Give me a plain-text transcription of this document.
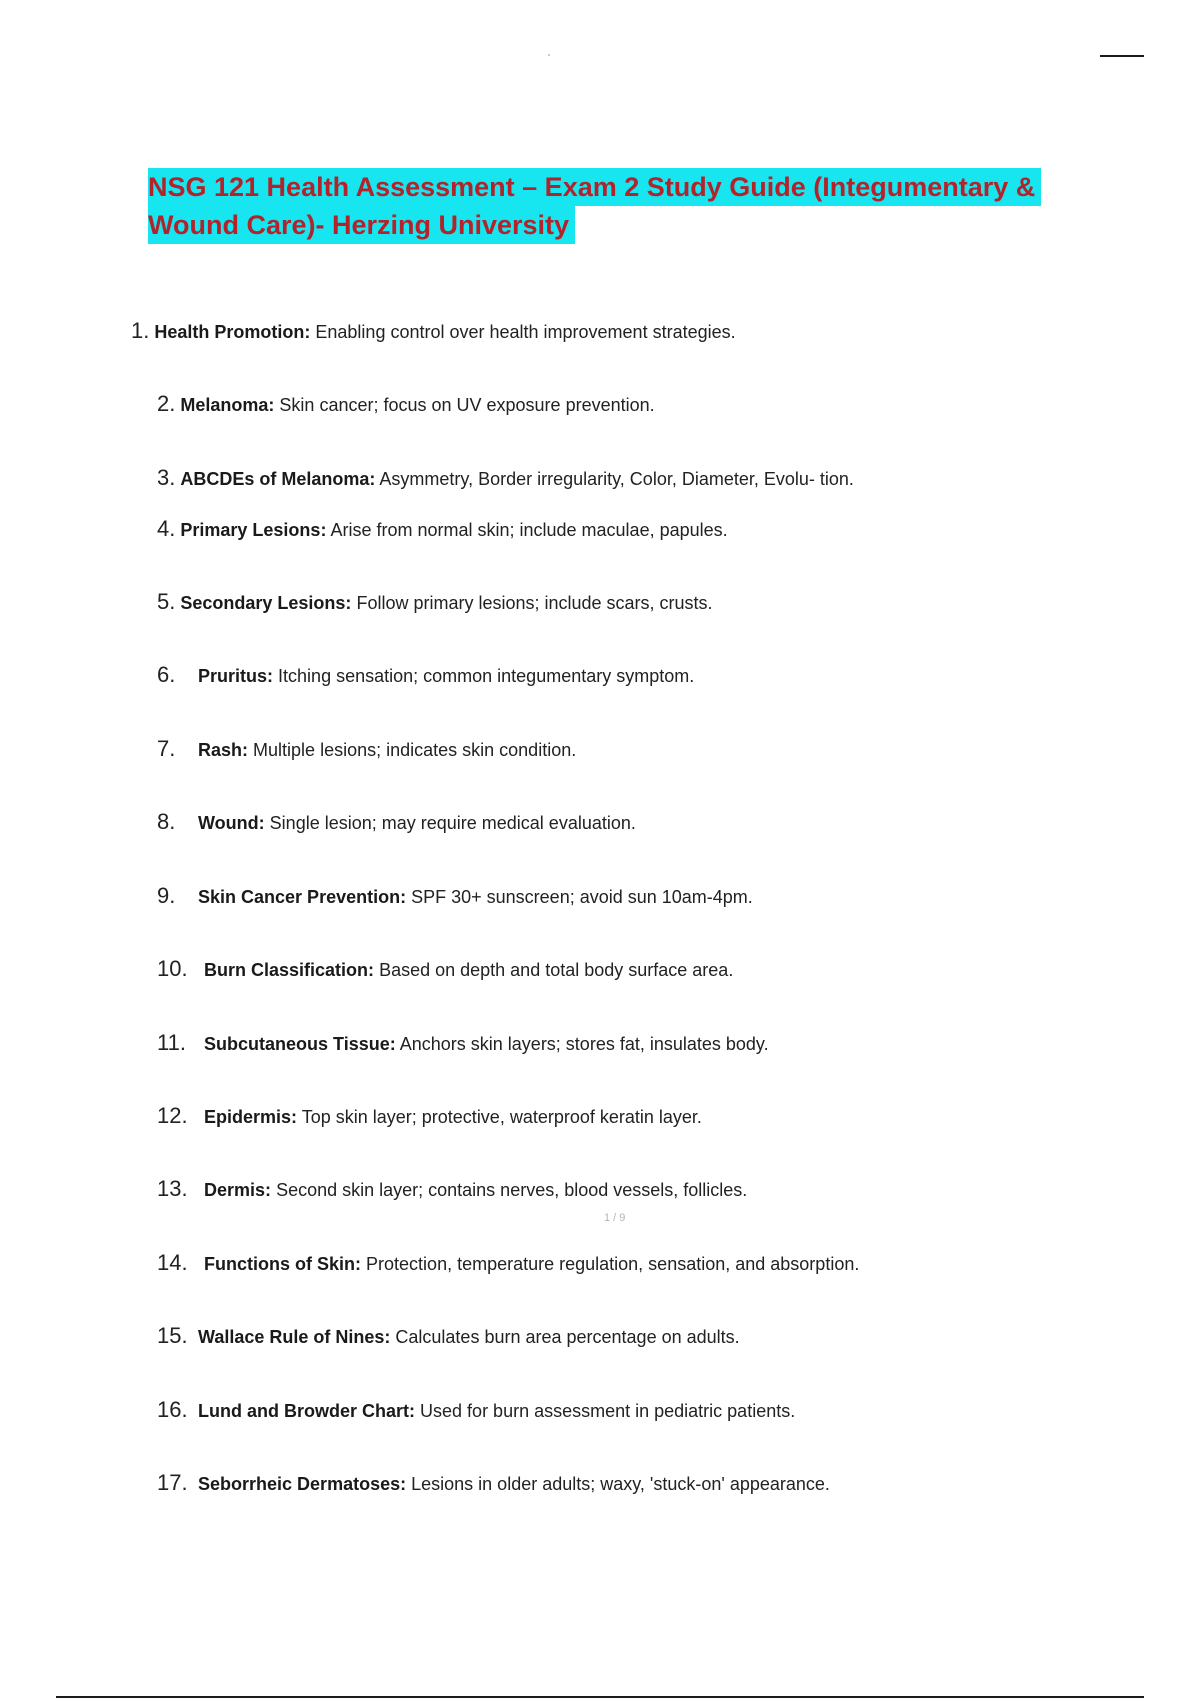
NSG 121 Health Assessment – Exam 2 Study Guide (Integumentary &
Wound Care)- Herzing University
1. Health Promotion: Enabling control over health improvement strategies.
2. Melanoma: Skin cancer; focus on UV exposure prevention.
3. ABCDEs of Melanoma: Asymmetry, Border irregularity, Color, Diameter, Evolu- tion.
4. Primary Lesions: Arise from normal skin; include maculae, papules.
5. Secondary Lesions: Follow primary lesions; include scars, crusts.
6. Pruritus: Itching sensation; common integumentary symptom.
7. Rash: Multiple lesions; indicates skin condition.
8. Wound: Single lesion; may require medical evaluation.
9. Skin Cancer Prevention: SPF 30+ sunscreen; avoid sun 10am-4pm.
10. Burn Classification: Based on depth and total body surface area.
11. Subcutaneous Tissue: Anchors skin layers; stores fat, insulates body.
12. Epidermis: Top skin layer; protective, waterproof keratin layer.
13. Dermis: Second skin layer; contains nerves, blood vessels, follicles.
14. Functions of Skin: Protection, temperature regulation, sensation, and absorption.
15. Wallace Rule of Nines: Calculates burn area percentage on adults.
16. Lund and Browder Chart: Used for burn assessment in pediatric patients.
17. Seborrheic Dermatoses: Lesions in older adults; waxy, 'stuck-on' appearance.
1 / 9
